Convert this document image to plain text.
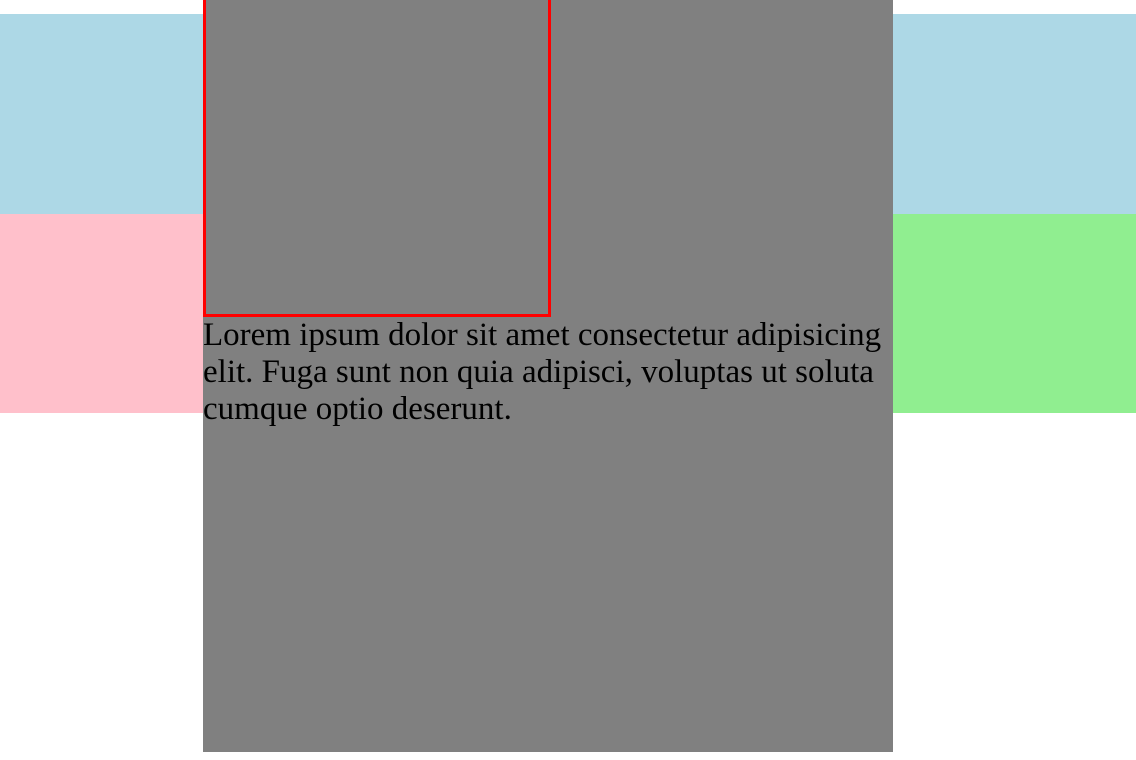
Lorem ipsum dolor sit amet consectetur adipisicing elit. Fuga sunt non quia adipisci, voluptas ut soluta cumque optio deserunt.
